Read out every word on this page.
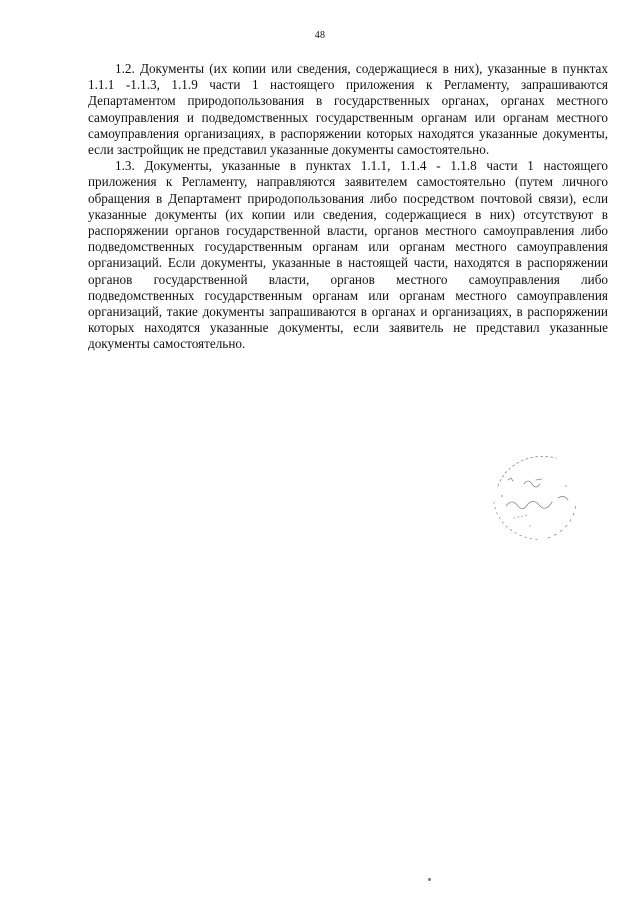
48

1.2. Документы (их копии или сведения, содержащиеся в них), указанные в пунктах 1.1.1 -1.1.3, 1.1.9 части 1 настоящего приложения к Регламенту, запрашиваются Департаментом природопользования в государственных органах, органах местного самоуправления и подведомственных государственным органам или органам местного самоуправления организациях, в распоряжении которых находятся указанные документы, если застройщик не представил указанные документы самостоятельно.

1.3. Документы, указанные в пунктах 1.1.1, 1.1.4 - 1.1.8 части 1 настоящего приложения к Регламенту, направляются заявителем самостоятельно (путем личного обращения в Департамент природопользования либо посредством почтовой связи), если указанные документы (их копии или сведения, содержащиеся в них) отсутствуют в распоряжении органов государственной власти, органов местного самоуправления либо подведомственных государственным органам или органам местного самоуправления организаций. Если документы, указанные в настоящей части, находятся в распоряжении органов государственной власти, органов местного самоуправления либо подведомственных государственным органам или органам местного самоуправления организаций, такие документы запрашиваются в органах и организациях, в распоряжении которых находятся указанные документы, если заявитель не представил указанные документы самостоятельно.
